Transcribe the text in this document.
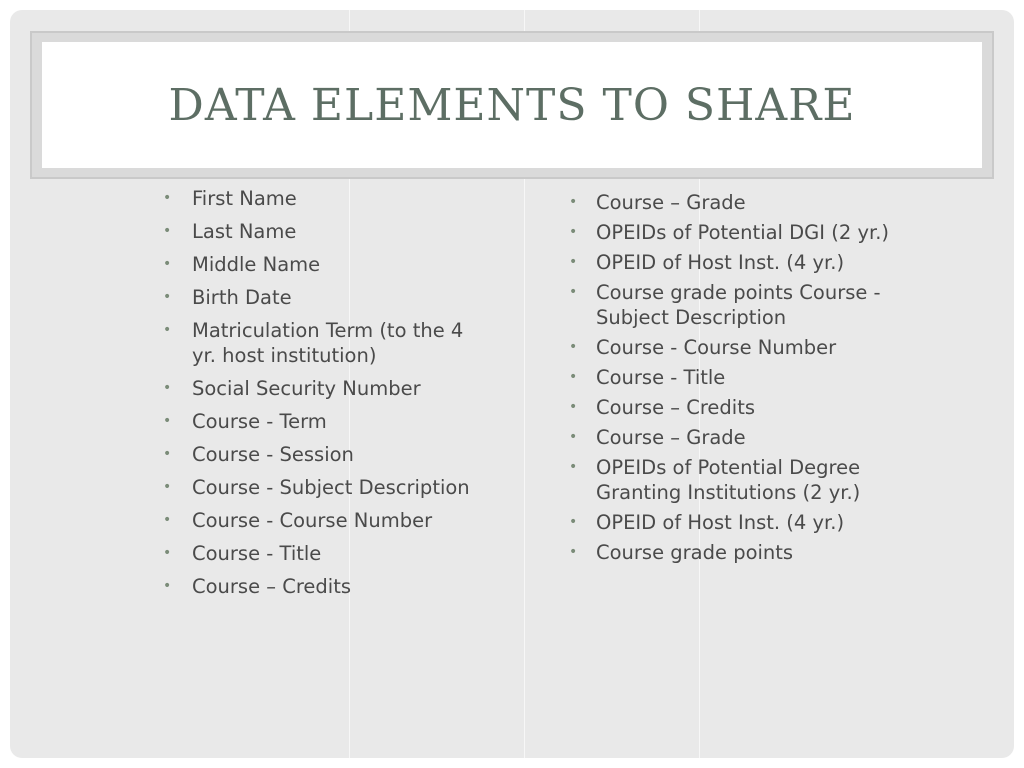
DATA ELEMENTS TO SHARE
• First Name
• Last Name
• Middle Name
• Birth Date
• Matriculation Term (to the 4 yr. host institution)
• Social Security Number
• Course - Term
• Course - Session
• Course - Subject Description
• Course - Course Number
• Course - Title
• Course – Credits
• Course – Grade
• OPEIDs of Potential DGI (2 yr.)
• OPEID of Host Inst. (4 yr.)
• Course grade points Course - Subject Description
• Course - Course Number
• Course - Title
• Course – Credits
• Course – Grade
• OPEIDs of Potential Degree Granting Institutions (2 yr.)
• OPEID of Host Inst. (4 yr.)
• Course grade points
